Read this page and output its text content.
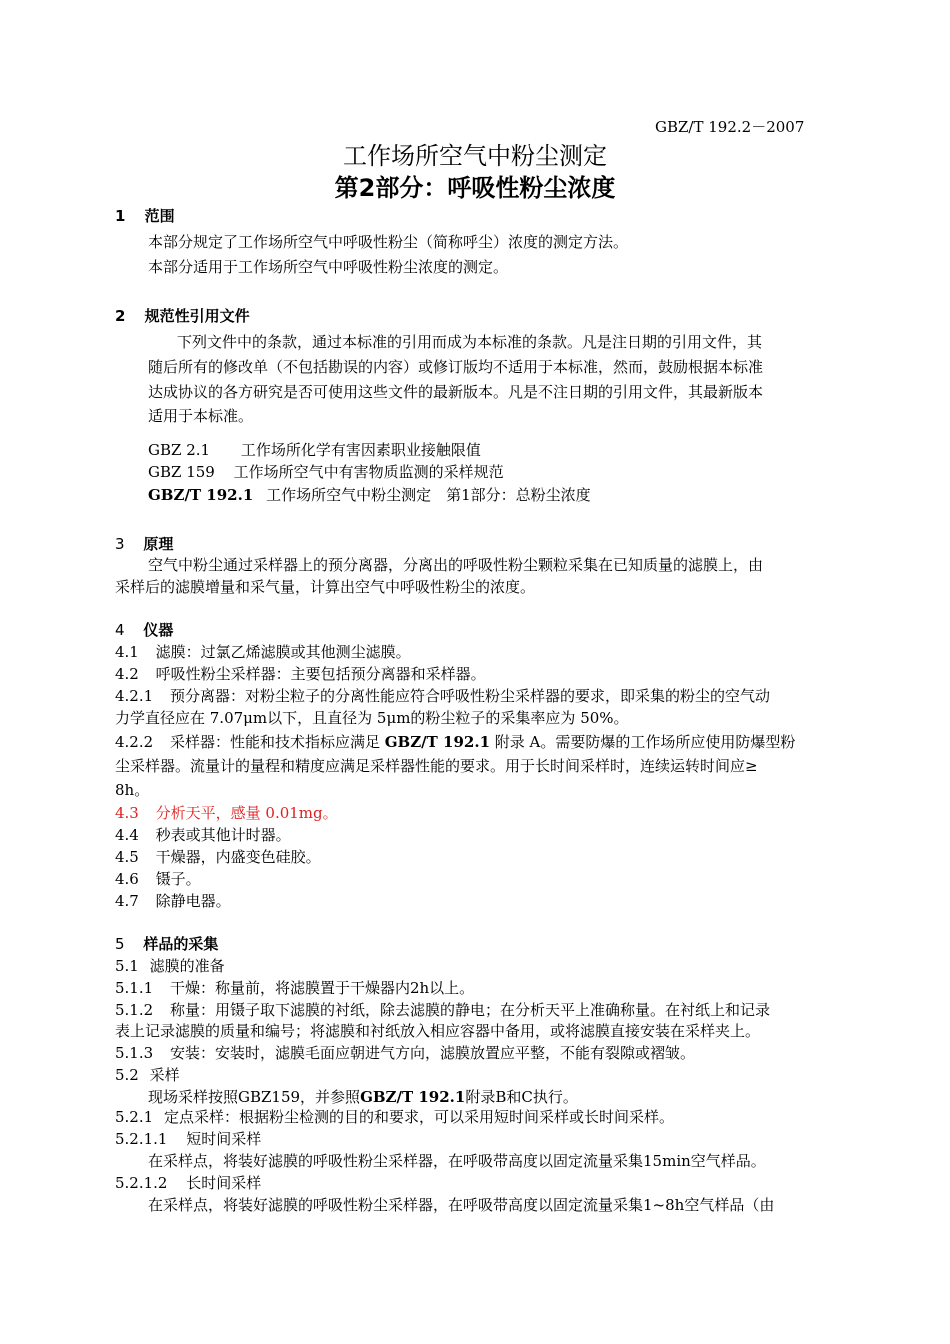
GBZ/T 192.2－2007
工作场所空气中粉尘测定
第2部分：呼吸性粉尘浓度
1 范围
本部分规定了工作场所空气中呼吸性粉尘（简称呼尘）浓度的测定方法。
本部分适用于工作场所空气中呼吸性粉尘浓度的测定。
2 规范性引用文件
下列文件中的条款，通过本标准的引用而成为本标准的条款。凡是注日期的引用文件，其
随后所有的修改单（不包括勘误的内容）或修订版均不适用于本标准，然而，鼓励根据本标准
达成协议的各方研究是否可使用这些文件的最新版本。凡是不注日期的引用文件，其最新版本
适用于本标准。
GBZ 2.1 工作场所化学有害因素职业接触限值
GBZ 159 工作场所空气中有害物质监测的采样规范
GBZ/T 192.1 工作场所空气中粉尘测定　第1部分：总粉尘浓度
3 原理
空气中粉尘通过采样器上的预分离器，分离出的呼吸性粉尘颗粒采集在已知质量的滤膜上，由
采样后的滤膜增量和采气量，计算出空气中呼吸性粉尘的浓度。
4 仪器
4.1 滤膜：过氯乙烯滤膜或其他测尘滤膜。
4.2 呼吸性粉尘采样器：主要包括预分离器和采样器。
4.2.1 预分离器：对粉尘粒子的分离性能应符合呼吸性粉尘采样器的要求，即采集的粉尘的空气动
力学直径应在 7.07μm以下，且直径为 5μm的粉尘粒子的采集率应为 50%。
4.2.2 采样器：性能和技术指标应满足 GBZ/T 192.1 附录 A。需要防爆的工作场所应使用防爆型粉
尘采样器。流量计的量程和精度应满足采样器性能的要求。用于长时间采样时，连续运转时间应≥
8h。
4.3 分析天平，感量 0.01mg。
4.4 秒表或其他计时器。
4.5 干燥器，内盛变色硅胶。
4.6 镊子。
4.7 除静电器。
5 样品的采集
5.1 滤膜的准备
5.1.1 干燥：称量前，将滤膜置于干燥器内2h以上。
5.1.2 称量：用镊子取下滤膜的衬纸，除去滤膜的静电；在分析天平上准确称量。在衬纸上和记录
表上记录滤膜的质量和编号；将滤膜和衬纸放入相应容器中备用，或将滤膜直接安装在采样夹上。
5.1.3 安装：安装时，滤膜毛面应朝进气方向，滤膜放置应平整，不能有裂隙或褶皱。
5.2 采样
现场采样按照GBZ159，并参照GBZ/T 192.1附录B和C执行。
5.2.1 定点采样：根据粉尘检测的目的和要求，可以采用短时间采样或长时间采样。
5.2.1.1 短时间采样
在采样点，将装好滤膜的呼吸性粉尘采样器，在呼吸带高度以固定流量采集15min空气样品。
5.2.1.2 长时间采样
在采样点，将装好滤膜的呼吸性粉尘采样器，在呼吸带高度以固定流量采集1~8h空气样品（由
